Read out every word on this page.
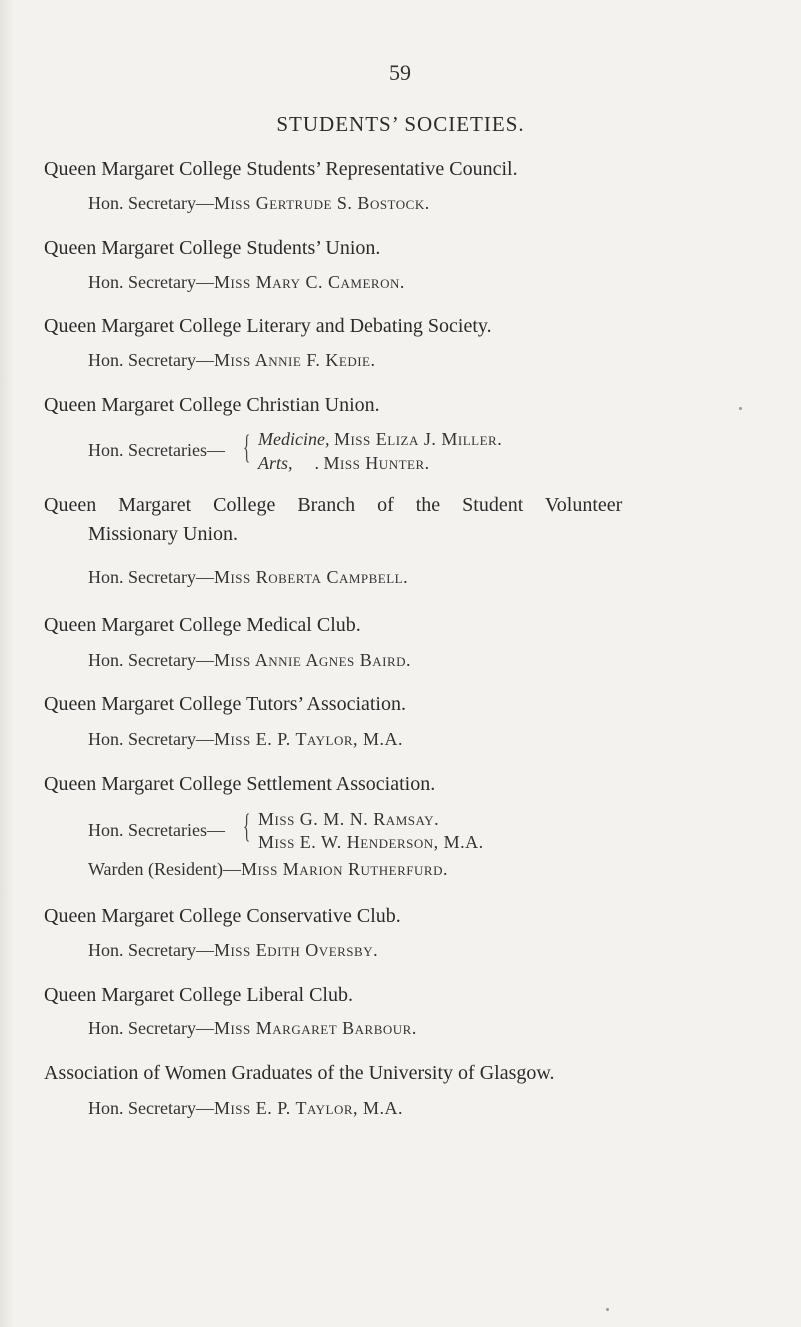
59
STUDENTS’ SOCIETIES.
Queen Margaret College Students’ Representative Council.
Hon. Secretary—Miss Gertrude S. Bostock.
Queen Margaret College Students’ Union.
Hon. Secretary—Miss Mary C. Cameron.
Queen Margaret College Literary and Debating Society.
Hon. Secretary—Miss Annie F. Kedie.
Queen Margaret College Christian Union.
Hon. Secretaries— { Medicine, Miss Eliza J. Miller.
Arts, . Miss Hunter.
Queen Margaret College Branch of the Student Volunteer
Missionary Union.
Hon. Secretary—Miss Roberta Campbell.
Queen Margaret College Medical Club.
Hon. Secretary—Miss Annie Agnes Baird.
Queen Margaret College Tutors’ Association.
Hon. Secretary—Miss E. P. Taylor, M.A.
Queen Margaret College Settlement Association.
Hon. Secretaries— { Miss G. M. N. Ramsay.
Miss E. W. Henderson, M.A.
Warden (Resident)—Miss Marion Rutherfurd.
Queen Margaret College Conservative Club.
Hon. Secretary—Miss Edith Oversby.
Queen Margaret College Liberal Club.
Hon. Secretary—Miss Margaret Barbour.
Association of Women Graduates of the University of Glasgow.
Hon. Secretary—Miss E. P. Taylor, M.A.
